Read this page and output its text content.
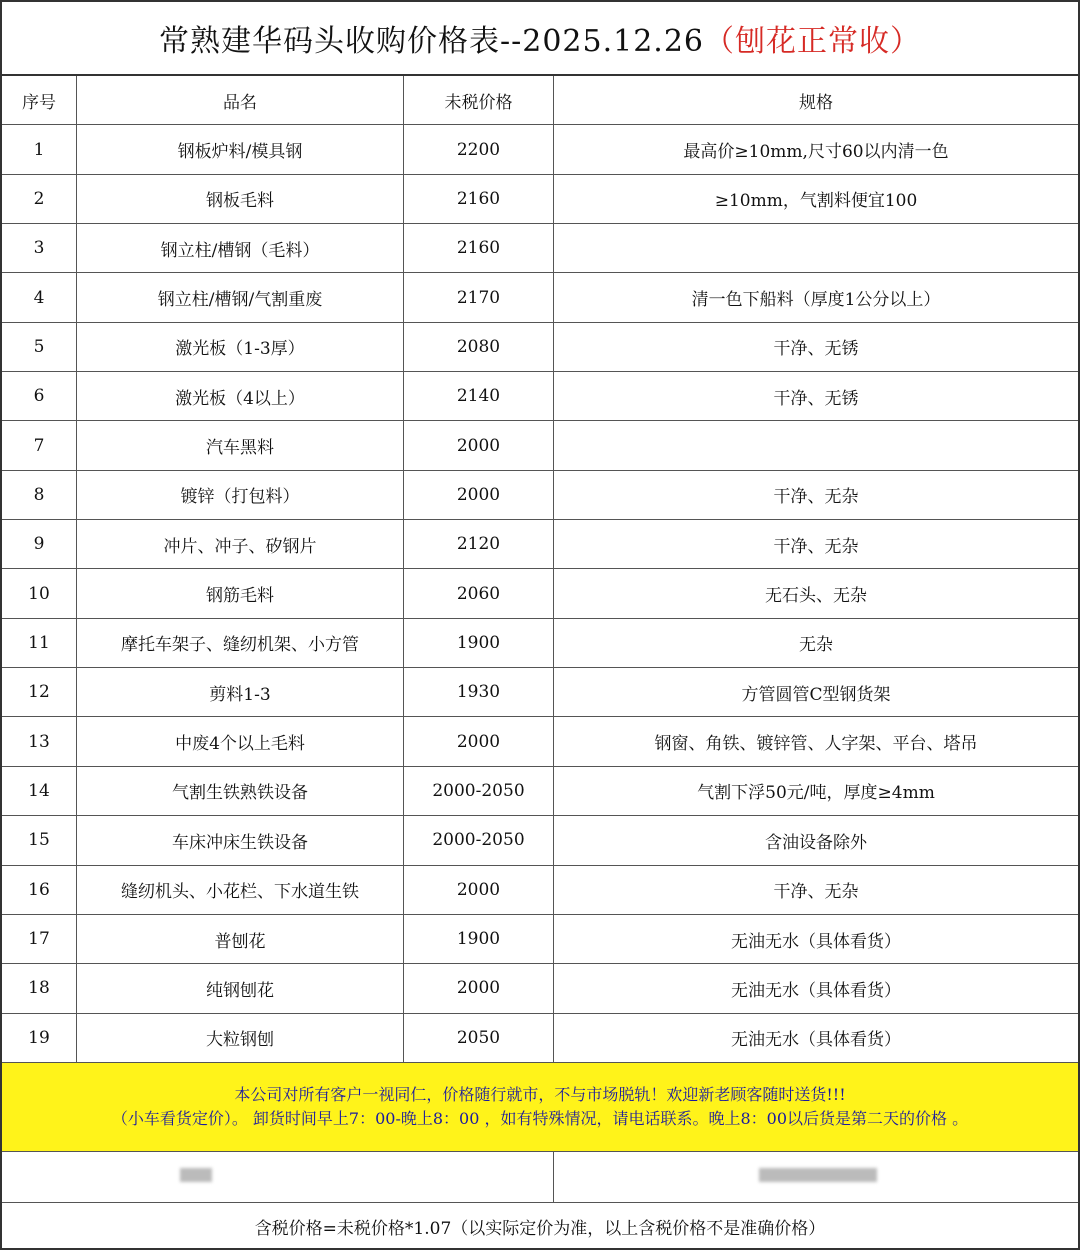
常熟建华码头收购价格表--2025.12.26 （刨花正常收）
序号	品名	未税价格	规格
1	钢板炉料/模具钢	2200	最高价≥10mm,尺寸60以内清一色
2	钢板毛料	2160	≥10mm，气割料便宜100
3	钢立柱/槽钢（毛料）	2160
4	钢立柱/槽钢/气割重废	2170	清一色下船料（厚度1公分以上）
5	激光板（1-3厚）	2080	干净、无锈
6	激光板（4以上）	2140	干净、无锈
7	汽车黑料	2000
8	镀锌（打包料）	2000	干净、无杂
9	冲片、冲子、矽钢片	2120	干净、无杂
10	钢筋毛料	2060	无石头、无杂
11	摩托车架子、缝纫机架、小方管	1900	无杂
12	剪料1-3	1930	方管圆管C型钢货架
13	中废4个以上毛料	2000	钢窗、角铁、镀锌管、人字架、平台、塔吊
14	气割生铁熟铁设备	2000-2050	气割下浮50元/吨，厚度≥4mm
15	车床冲床生铁设备	2000-2050	含油设备除外
16	缝纫机头、小花栏、下水道生铁	2000	干净、无杂
17	普刨花	1900	无油无水（具体看货）
18	纯钢刨花	2000	无油无水（具体看货）
19	大粒钢刨	2050	无油无水（具体看货）
本公司对所有客户一视同仁，价格随行就市，不与市场脱轨！欢迎新老顾客随时送货!!!
（小车看货定价）。 卸货时间早上7：00-晚上8：00 ，如有特殊情况，请电话联系。晚上8：00以后货是第二天的价格 。
含税价格=未税价格*1.07（以实际定价为准，以上含税价格不是准确价格）
